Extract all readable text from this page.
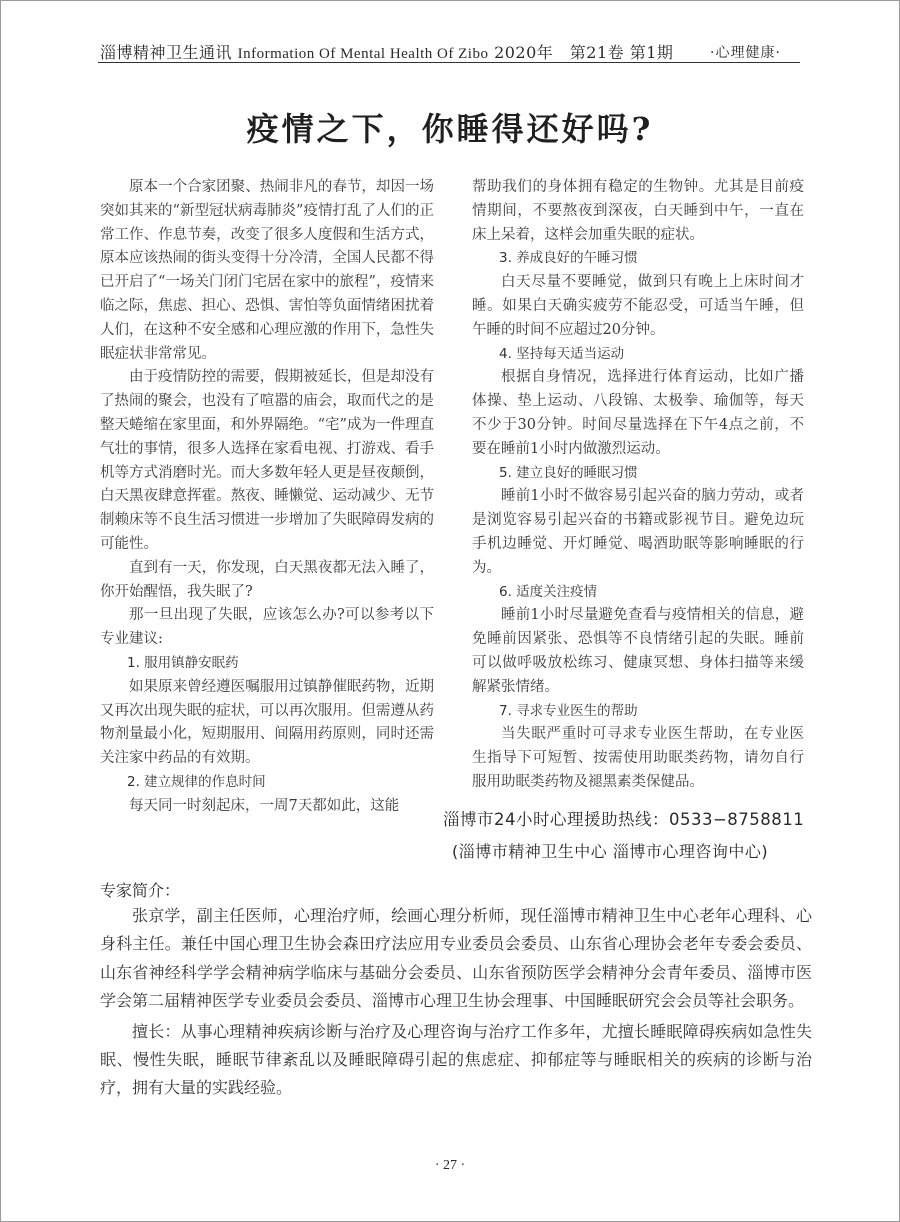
淄博精神卫生通讯 Information Of Mental Health Of Zibo 2020年　第21卷 第1期	·心理健康·
疫情之下，你睡得还好吗?

原本一个合家团聚、热闹非凡的春节，却因一场突如其来的“新型冠状病毒肺炎”疫情打乱了人们的正常工作、作息节奏，改变了很多人度假和生活方式，原本应该热闹的街头变得十分冷清，全国人民都不得已开启了“一场关门闭门宅居在家中的旅程”，疫情来临之际，焦虑、担心、恐惧、害怕等负面情绪困扰着人们，在这种不安全感和心理应激的作用下，急性失眠症状非常常见。

由于疫情防控的需要，假期被延长，但是却没有了热闹的聚会，也没有了喧嚣的庙会，取而代之的是整天蜷缩在家里面，和外界隔绝。“宅”成为一件理直气壮的事情，很多人选择在家看电视、打游戏、看手机等方式消磨时光。而大多数年轻人更是昼夜颠倒，白天黑夜肆意挥霍。熬夜、睡懒觉、运动减少、无节制赖床等不良生活习惯进一步增加了失眠障碍发病的可能性。

直到有一天，你发现，白天黑夜都无法入睡了，你开始醒悟，我失眠了?

那一旦出现了失眠，应该怎么办?可以参考以下专业建议:

1. 服用镇静安眠药

如果原来曾经遵医嘱服用过镇静催眠药物，近期又再次出现失眠的症状，可以再次服用。但需遵从药物剂量最小化，短期服用、间隔用药原则，同时还需关注家中药品的有效期。

2. 建立规律的作息时间

每天同一时刻起床，一周7天都如此，这能

帮助我们的身体拥有稳定的生物钟。尤其是目前疫情期间，不要熬夜到深夜，白天睡到中午，一直在床上呆着，这样会加重失眠的症状。

3. 养成良好的午睡习惯

白天尽量不要睡觉，做到只有晚上上床时间才睡。如果白天确实疲劳不能忍受，可适当午睡，但午睡的时间不应超过20分钟。

4. 坚持每天适当运动

根据自身情况，选择进行体育运动，比如广播体操、垫上运动、八段锦、太极拳、瑜伽等，每天不少于30分钟。时间尽量选择在下午4点之前，不要在睡前1小时内做激烈运动。

5. 建立良好的睡眠习惯

睡前1小时不做容易引起兴奋的脑力劳动，或者是浏览容易引起兴奋的书籍或影视节目。避免边玩手机边睡觉、开灯睡觉、喝酒助眠等影响睡眠的行为。

6. 适度关注疫情

睡前1小时尽量避免查看与疫情相关的信息，避免睡前因紧张、恐惧等不良情绪引起的失眠。睡前可以做呼吸放松练习、健康冥想、身体扫描等来缓解紧张情绪。

7. 寻求专业医生的帮助

当失眠严重时可寻求专业医生帮助，在专业医生指导下可短暂、按需使用助眠类药物，请勿自行服用助眠类药物及褪黑素类保健品。

淄博市24小时心理援助热线：0533−8758811
(淄博市精神卫生中心 淄博市心理咨询中心)
专家简介：

张京学，副主任医师，心理治疗师，绘画心理分析师，现任淄博市精神卫生中心老年心理科、心身科主任。兼任中国心理卫生协会森田疗法应用专业委员会委员、山东省心理协会老年专委会委员、山东省神经科学学会精神病学临床与基础分会委员、山东省预防医学会精神分会青年委员、淄博市医学会第二届精神医学专业委员会委员、淄博市心理卫生协会理事、中国睡眠研究会会员等社会职务。

擅长：从事心理精神疾病诊断与治疗及心理咨询与治疗工作多年，尤擅长睡眠障碍疾病如急性失眠、慢性失眠，睡眠节律紊乱以及睡眠障碍引起的焦虑症、抑郁症等与睡眠相关的疾病的诊断与治疗，拥有大量的实践经验。

· 27 ·
